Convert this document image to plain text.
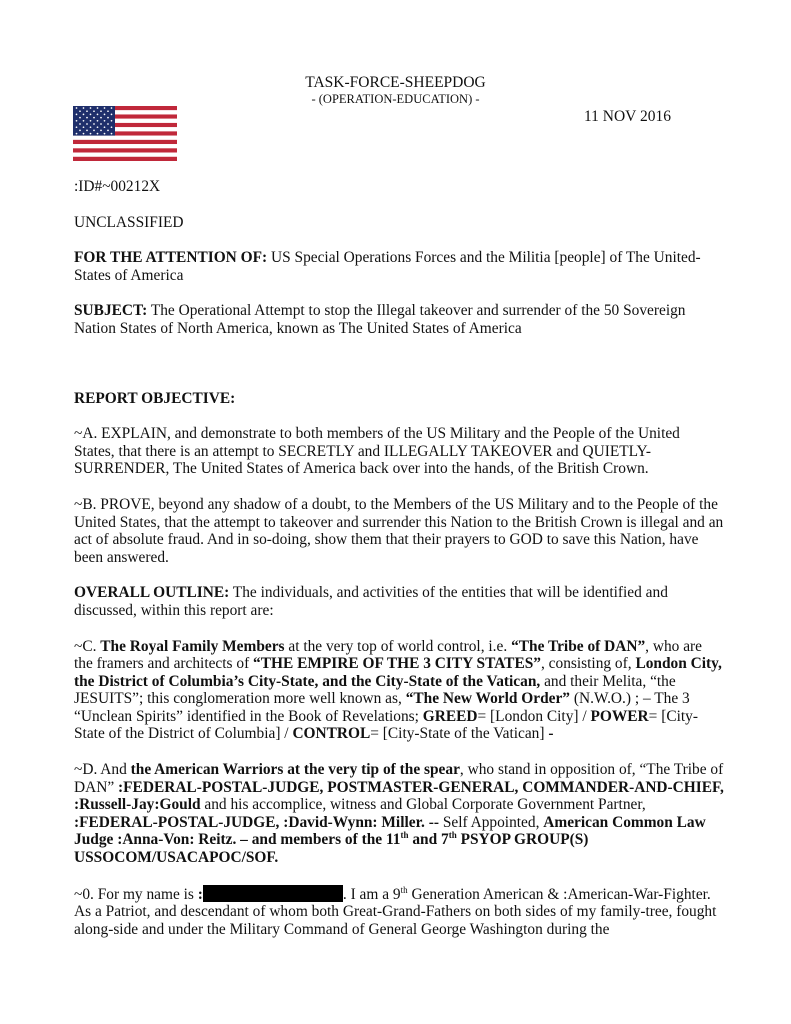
TASK-FORCE-SHEEPDOG
- (OPERATION-EDUCATION) -
11 NOV 2016

:ID#~00212X

UNCLASSIFIED

FOR THE ATTENTION OF: US Special Operations Forces and the Militia [people] of The United-States of America

SUBJECT: The Operational Attempt to stop the Illegal takeover and surrender of the 50 Sovereign Nation States of North America, known as The United States of America

REPORT OBJECTIVE:

~A. EXPLAIN, and demonstrate to both members of the US Military and the People of the United States, that there is an attempt to SECRETLY and ILLEGALLY TAKEOVER and QUIETLY-SURRENDER, The United States of America back over into the hands, of the British Crown.

~B. PROVE, beyond any shadow of a doubt, to the Members of the US Military and to the People of the United States, that the attempt to takeover and surrender this Nation to the British Crown is illegal and an act of absolute fraud. And in so-doing, show them that their prayers to GOD to save this Nation, have been answered.

OVERALL OUTLINE: The individuals, and activities of the entities that will be identified and discussed, within this report are:

~C. The Royal Family Members at the very top of world control, i.e. “The Tribe of DAN”, who are the framers and architects of “THE EMPIRE OF THE 3 CITY STATES”, consisting of, London City, the District of Columbia’s City-State, and the City-State of the Vatican, and their Melita, “the JESUITS”; this conglomeration more well known as, “The New World Order” (N.W.O.) ; – The 3 “Unclean Spirits” identified in the Book of Revelations; GREED= [London City] / POWER= [City-State of the District of Columbia] / CONTROL= [City-State of the Vatican] -

~D. And the American Warriors at the very tip of the spear, who stand in opposition of, “The Tribe of DAN” :FEDERAL-POSTAL-JUDGE, POSTMASTER-GENERAL, COMMANDER-AND-CHIEF, :Russell-Jay:Gould and his accomplice, witness and Global Corporate Government Partner, :FEDERAL-POSTAL-JUDGE, :David-Wynn: Miller. -- Self Appointed, American Common Law Judge :Anna-Von: Reitz. – and members of the 11th and 7th PSYOP GROUP(S) USSOCOM/USACAPOC/SOF.

~0. For my name is :	. I am a 9th Generation American & :American-War-Fighter. As a Patriot, and descendant of whom both Great-Grand-Fathers on both sides of my family-tree, fought along-side and under the Military Command of General George Washington during the
